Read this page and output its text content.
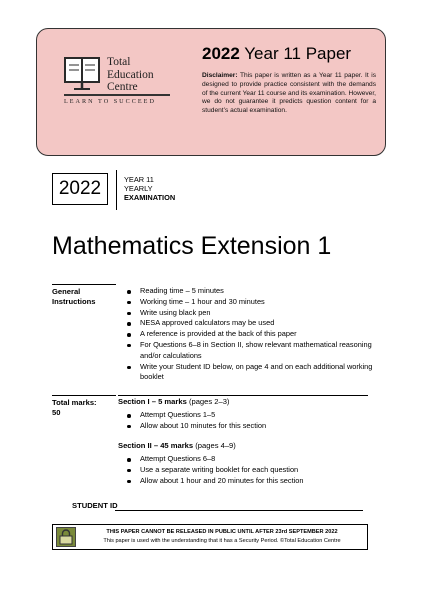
Total
Education
Centre
LEARN TO SUCCEED
2022 Year 11 Paper
Disclaimer: This paper is written as a Year 11 paper. It is designed to provide practice consistent with the demands of the current Year 11 course and its examination. However, we do not guarantee it predicts question content for a student’s actual examination.
2022	YEAR 11
YEARLY
EXAMINATION
Mathematics Extension 1
General
Instructions
Reading time – 5 minutes
Working time – 1 hour and 30 minutes
Write using black pen
NESA approved calculators may be used
A reference is provided at the back of this paper
For Questions 6–8 in Section II, show relevant mathematical reasoning and/or calculations
Write your Student ID below, on page 4 and on each additional working booklet
Total marks:
50
Section I – 5 marks (pages 2–3)
Attempt Questions 1–5
Allow about 10 minutes for this section
Section II – 45 marks (pages 4–9)
Attempt Questions 6–8
Use a separate writing booklet for each question
Allow about 1 hour and 20 minutes for this section
STUDENT ID
THIS PAPER CANNOT BE RELEASED IN PUBLIC UNTIL AFTER 23rd SEPTEMBER 2022
This paper is used with the understanding that it has a Security Period. ©Total Education Centre
